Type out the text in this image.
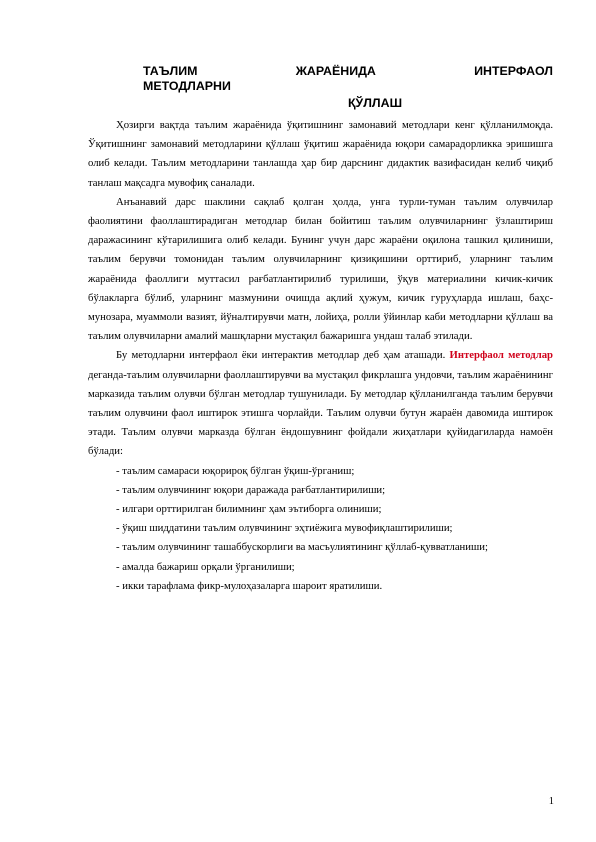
ТАЪЛИМ	ЖАРАЁНИДА	ИНТЕРФАОЛ
МЕТОДЛАРНИ
ҚЎЛЛАШ

Ҳозирги вақтда таълим жараёнида ўқитишнинг замонавий методлари кенг қўлланилмоқда. Ўқитишнинг замонавий методларини қўллаш ўқитиш жараёнида юқори самарадорликка эришишга олиб келади. Таълим методларини танлашда ҳар бир дарснинг дидактик вазифасидан келиб чиқиб танлаш мақсадга мувофиқ саналади.

Анъанавий дарс шаклини сақлаб қолган ҳолда, унга турли-туман таълим олувчилар фаолиятини фаоллаштирадиган методлар билан бойитиш таълим олувчиларнинг ўзлаштириш даражасининг кўтарилишига олиб келади. Бунинг учун дарс жараёни оқилона ташкил қилиниши, таълим берувчи томонидан таълим олувчиларнинг қизиқишини орттириб, уларнинг таълим жараёнида фаоллиги муттасил рағбатлантирилиб турилиши, ўқув материалини кичик-кичик бўлакларга бўлиб, уларнинг мазмунини очишда ақлий ҳужум, кичик гуруҳларда ишлаш, баҳс-мунозара, муаммоли вазият, йўналтирувчи матн, лойиҳа, ролли ўйинлар каби методларни қўллаш ва таълим олувчиларни амалий машқларни мустақил бажаришга ундаш талаб этилади.

Бу методларни интерфаол ёки интерактив методлар деб ҳам аташади. Интерфаол методлар деганда-таълим олувчиларни фаоллаштирувчи ва мустақил фикрлашга ундовчи, таълим жараёнининг марказида таълим олувчи бўлган методлар тушунилади. Бу методлар қўлланилганда таълим берувчи таълим олувчини фаол иштирок этишга чорлайди. Таълим олувчи бутун жараён давомида иштирок этади. Таълим олувчи марказда бўлган ёндошувнинг фойдали жиҳатлари қуйидагиларда намоён бўлади:

- таълим самараси юқорироқ бўлган ўқиш-ўрганиш;
- таълим олувчининг юқори даражада рағбатлантирилиши;
- илгари орттирилган билимнинг ҳам эътиборга олиниши;
- ўқиш шиддатини таълим олувчининг эҳтиёжига мувофиқлаштирилиши;
- таълим олувчининг ташаббускорлиги ва масъулиятининг қўллаб-қувватланиши;
- амалда бажариш орқали ўрганилиши;
- икки тарафлама фикр-мулоҳазаларга шароит яратилиши.
1
